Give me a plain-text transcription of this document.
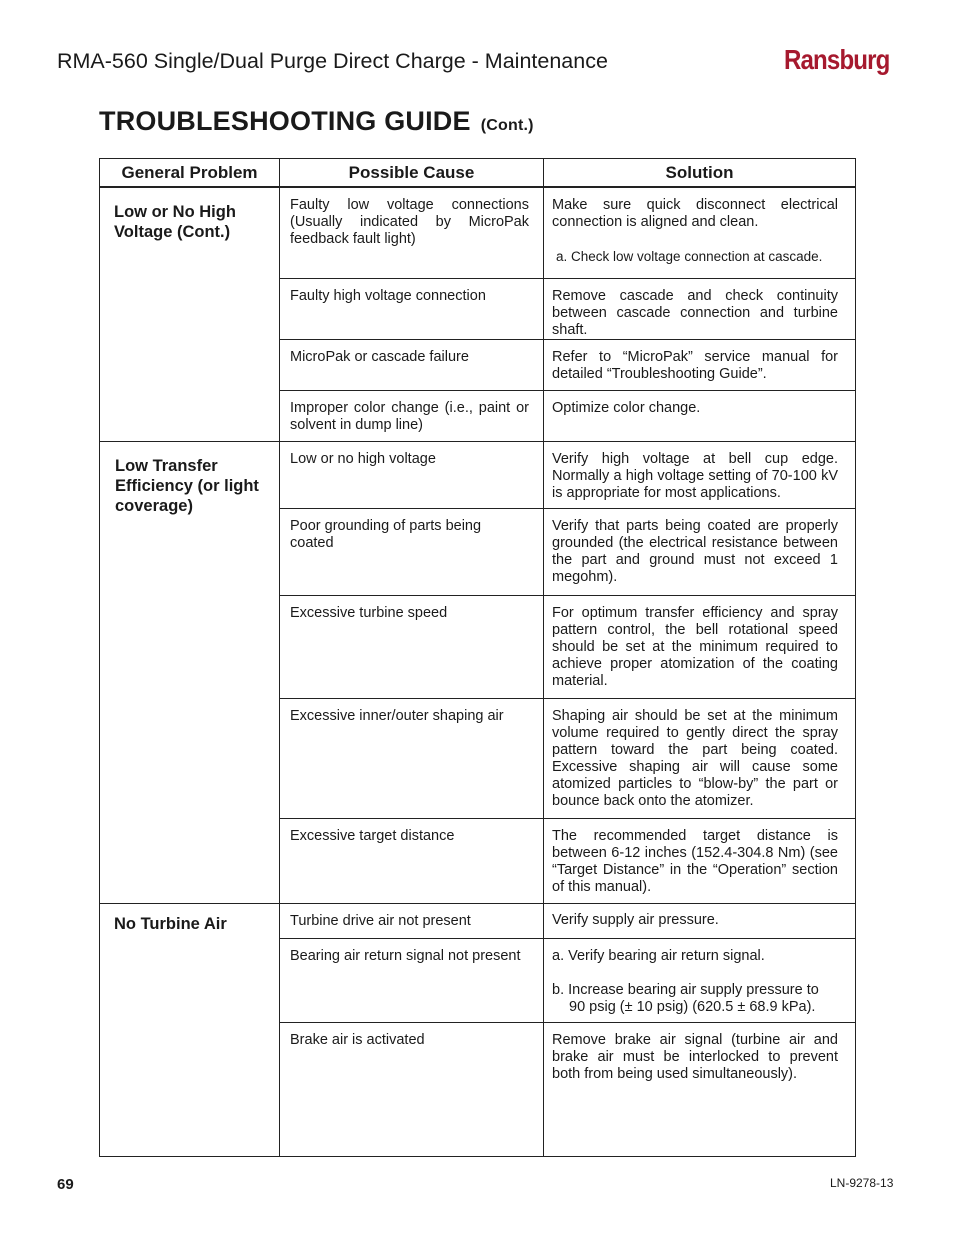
RMA-560 Single/Dual Purge Direct Charge - Maintenance	Ransburg
TROUBLESHOOTING GUIDE (Cont.)
General Problem	Possible Cause	Solution
Low or No High Voltage (Cont.)	Faulty low voltage connections (Usually indicated by MicroPak feedback fault light)	Make sure quick disconnect electrical connection is aligned and clean.
a. Check low voltage connection at cascade.

	Faulty high voltage connection	Remove cascade and check continuity between cascade connection and turbine shaft.

	MicroPak or cascade failure	Refer to “MicroPak” service manual for detailed “Troubleshooting Guide”.

	Improper color change (i.e., paint or solvent in dump line)	Optimize color change.

Low Transfer Efficiency (or light coverage)	Low or no high voltage	Verify high voltage at bell cup edge. Normally a high voltage setting of 70-100 kV is appropriate for most applications.

	Poor grounding of parts being coated	Verify that parts being coated are properly grounded (the electrical resistance between the part and ground must not exceed 1 megohm).

	Excessive turbine speed	For optimum transfer efficiency and spray pattern control, the bell rotational speed should be set at the minimum required to achieve proper atomization of the coating material.

	Excessive inner/outer shaping air	Shaping air should be set at the minimum volume required to gently direct the spray pattern toward the part being coated. Excessive shaping air will cause some atomized particles to “blow-by” the part or bounce back onto the atomizer.

	Excessive target distance	The recommended target distance is between 6-12 inches (152.4-304.8 Nm) (see “Target Distance” in the “Operation” section of this manual).

No Turbine Air	Turbine drive air not present	Verify supply air pressure.

	Bearing air return signal not present	a. Verify bearing air return signal.
b. Increase bearing air supply pressure to 90 psig (± 10 psig) (620.5 ± 68.9 kPa).

	Brake air is activated	Remove brake air signal (turbine air and brake air must be interlocked to prevent both from being used simultaneously).
69	LN-9278-13
